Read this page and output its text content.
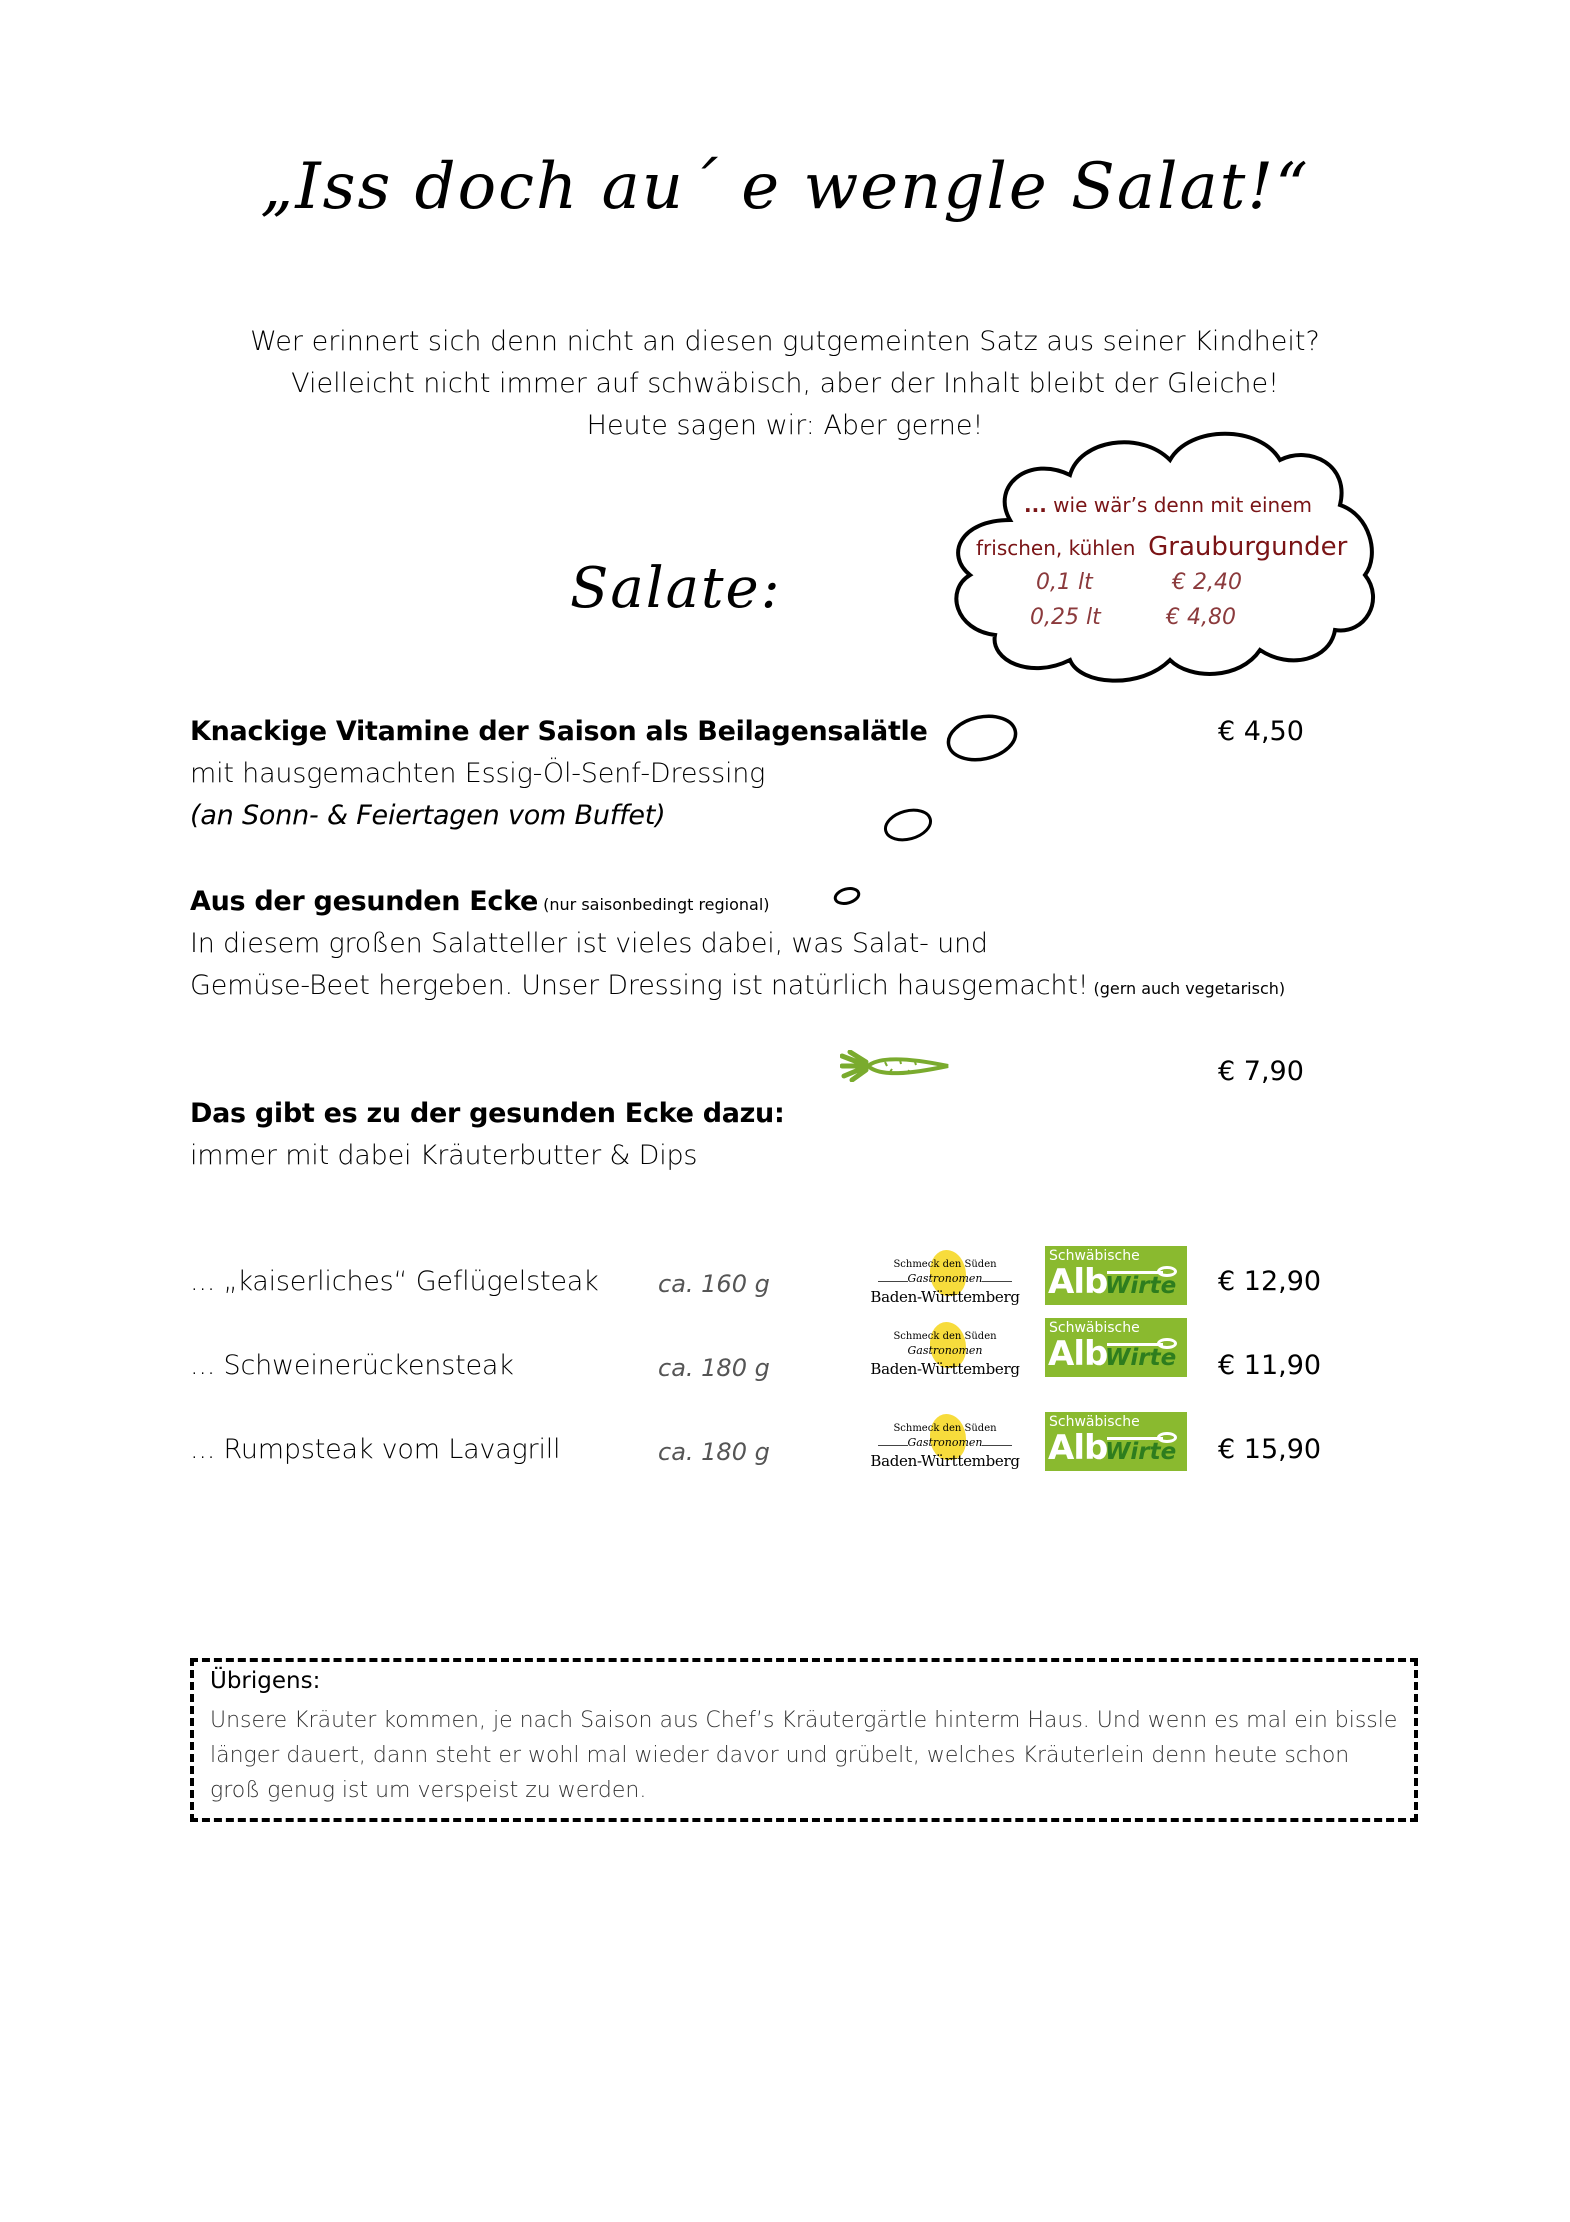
„Iss doch au´ e wengle Salat!“
Wer erinnert sich denn nicht an diesen gutgemeinten Satz aus seiner Kindheit?
Vielleicht nicht immer auf schwäbisch, aber der Inhalt bleibt der Gleiche!
Heute sagen wir: Aber gerne!
... wie wär’s denn mit einem
frischen, kühlen Grauburgunder
0,1 lt	€ 2,40
0,25 lt	€ 4,80
Salate:
Knackige Vitamine der Saison als Beilagensalätle
mit hausgemachten Essig-Öl-Senf-Dressing
(an Sonn- & Feiertagen vom Buffet)
€ 4,50
Aus der gesunden Ecke (nur saisonbedingt regional)
In diesem großen Salatteller ist vieles dabei, was Salat- und
Gemüse-Beet hergeben. Unser Dressing ist natürlich hausgemacht! (gern auch vegetarisch)
€ 7,90
Das gibt es zu der gesunden Ecke dazu:
immer mit dabei Kräuterbutter & Dips
... „kaiserliches“ Geflügelsteak ca. 160 g	€ 12,90
... Schweinerückensteak	ca. 180 g	€ 11,90
... Rumpsteak vom Lavagrill	ca. 180 g	€ 15,90
Schmeck den Süden
Gastronomen
Baden-Württemberg
Schwäbische
Alb
Wirte
Schmeck den Süden
Gastronomen
Baden-Württemberg
Schwäbische
Alb
Wirte
Schmeck den Süden
Gastronomen
Baden-Württemberg
Schwäbische
Alb
Wirte
Übrigens:
Unsere Kräuter kommen, je nach Saison aus Chef’s Kräutergärtle hinterm Haus. Und wenn es mal ein bissle
länger dauert, dann steht er wohl mal wieder davor und grübelt, welches Kräuterlein denn heute schon
groß genug ist um verspeist zu werden.
